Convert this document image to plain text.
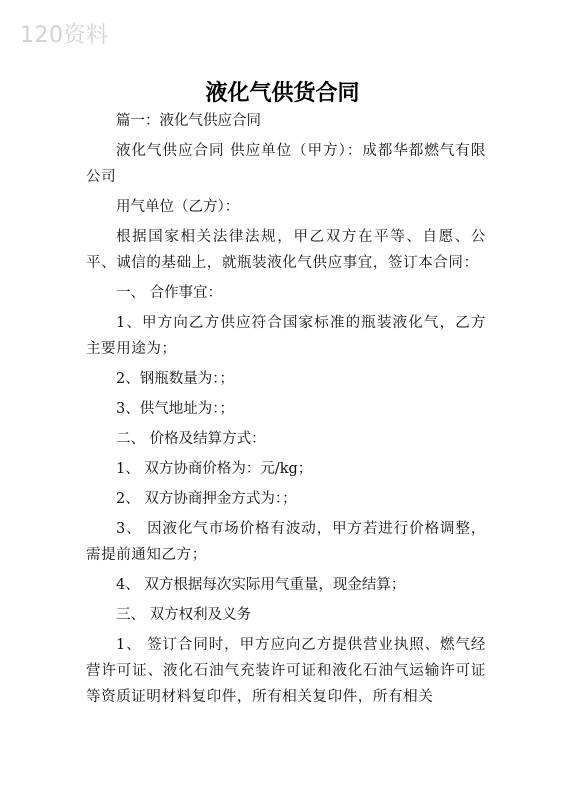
120资料
液化气供货合同

篇一：液化气供应合同

液化气供应合同 供应单位（甲方）：成都华都燃气有限公司

用气单位（乙方）：

根据国家相关法律法规，甲乙双方在平等、自愿、公平、诚信的基础上，就瓶装液化气供应事宜，签订本合同：

一、 合作事宜：

1、甲方向乙方供应符合国家标准的瓶装液化气，乙方主要用途为；

2、钢瓶数量为：；

3、供气地址为：；

二、 价格及结算方式：

1、 双方协商价格为：元/kg；

2、 双方协商押金方式为：；

3、 因液化气市场价格有波动，甲方若进行价格调整，需提前通知乙方；

4、 双方根据每次实际用气重量，现金结算；

三、 双方权利及义务

1、 签订合同时，甲方应向乙方提供营业执照、燃气经营许可证、液化石油气充装许可证和液化石油气运输许可证等资质证明材料复印件，所有相关复印件，所有相关
